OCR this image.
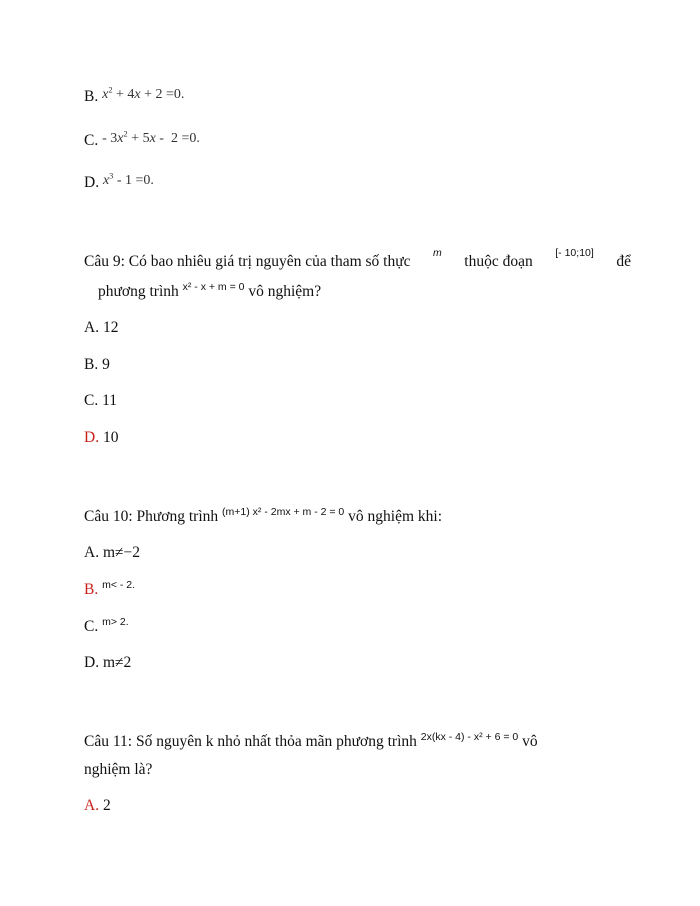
B. $x^2 + 4x + 2 =0$.
C. - $3x^2 + 5x - 2 =0$.
D. $x^3 - 1 =0$.
Câu 9: Có bao nhiêu giá trị nguyên của tham số thực m thuộc đoạn [- 10;10] để
phương trình $^{x^2 - x + m = 0}$ vô nghiệm?
A. 12
B. 9
C. 11
D. 10
Câu 10: Phương trình $^{(m+1) x^2 - 2mx + m - 2 = 0}$ vô nghiệm khi:
A. m≠−2
B. $^{m< - 2.}$
C. $^{m> 2.}$
D. m≠2
Câu 11: Số nguyên k nhỏ nhất thỏa mãn phương trình $^{2x(kx - 4) - x^2 + 6 = 0}$ vô
nghiệm là?
A. 2
